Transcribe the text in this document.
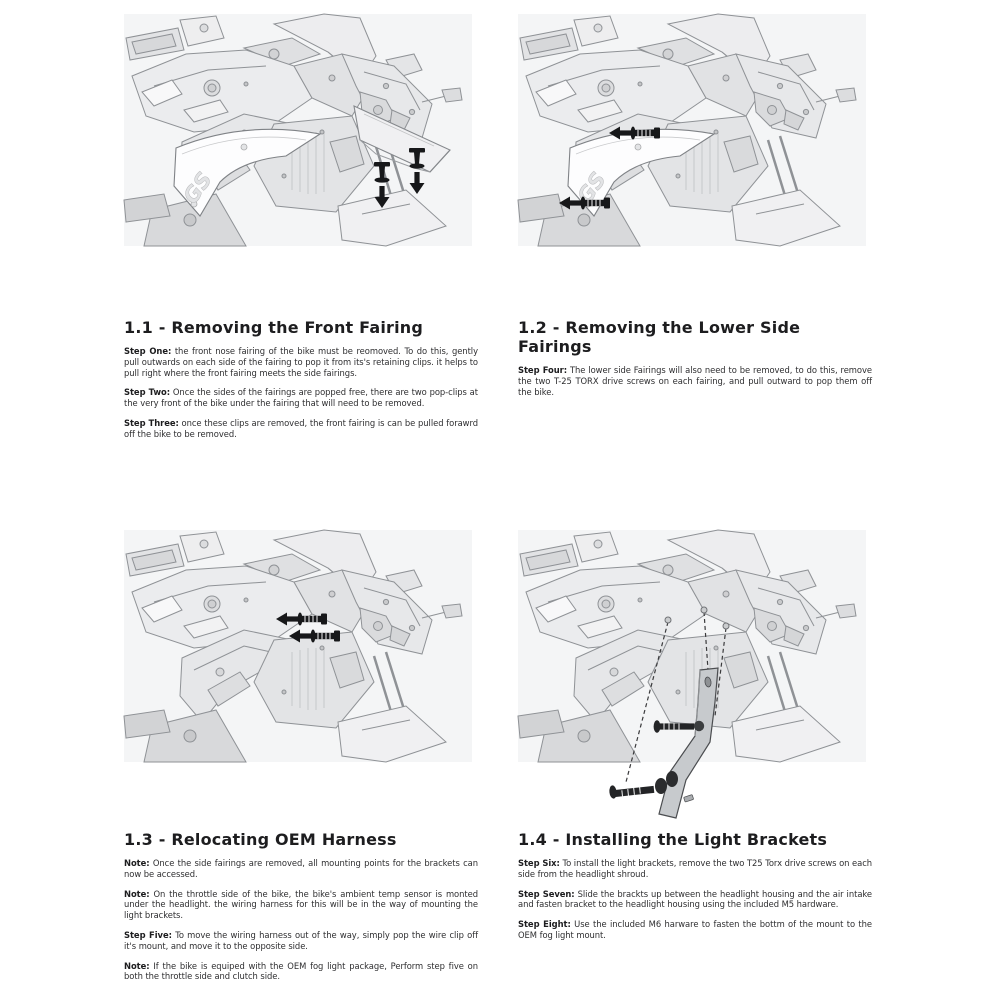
1.1 - Removing the Front Fairing

Step One: the front nose fairing of the bike must be reomoved. To do this, gently pull outwards on each side of the fairing to pop it from its's retaining clips. it helps to pull right where the front fairing meets the side fairings.

Step Two: Once the sides of the fairings are popped free, there are two pop-clips at the very front of the bike under the fairing that will need to be removed.

Step Three: once these clips are removed, the front fairing is can be pulled forawrd off the bike to be removed.

1.2 - Removing the Lower Side Fairings

Step Four: The lower side Fairings will also need to be removed, to do this, remove the two T-25 TORX drive screws on each fairing, and pull outward to pop them off the bike.

1.3 - Relocating OEM Harness

Note: Once the side fairings are removed, all mounting points for the brackets can now be accessed.

Note: On the throttle side of the bike, the bike's ambient temp sensor is monted under the headlight. the wiring harness for this will be in the way of mounting the light brackets.

Step Five: To move the wiring harness out of the way, simply pop the wire clip off it's mount, and move it to the opposite side.

Note: If the bike is equiped with the OEM fog light package, Perform step five on both the throttle side and clutch side.

1.4 - Installing the Light Brackets

Step Six: To install the light brackets, remove the two T25 Torx drive screws on each side from the headlight shroud.

Step Seven: Slide the brackts up between the headlight housing and the air intake and fasten bracket to the headlight housing using the included M5 hardware.

Step Eight: Use the included M6 harware to fasten the bottm of the mount to the OEM fog light mount.
